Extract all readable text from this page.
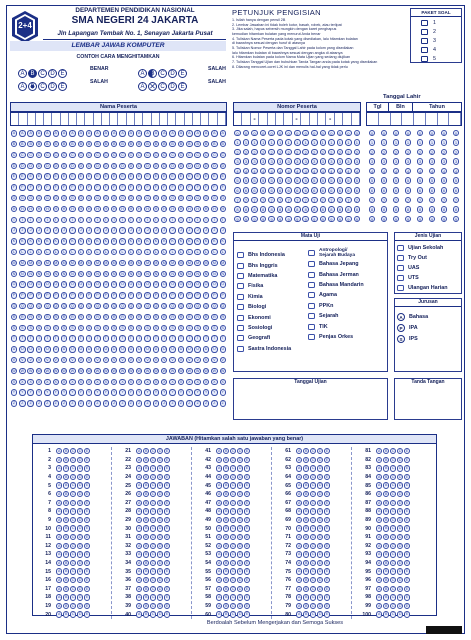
2+4
DEPARTEMEN PENDIDIKAN NASIONAL
SMA NEGERI 24 JAKARTA
Jln Lapangan Tembak No. 1, Senayan Jakarta Pusat
LEMBAR JAWAB KOMPUTER
CONTOH CARA MENGHITAMKAN
A B C D E
BENAR
A B C D E
SALAH
A B C D E
SALAH
A ✕ C D E
SALAH
PETUNJUK PENGISIAN
1. Isilah hanya dengan pensil 2B
2. Lembar Jawaban ini tidak boleh kotor, basah, robek, atau terlipat
3. Jika salah, hapus sebersih mungkin dengan karet penghapus
kemudian hitamkan bulatan yang menurut Anda benar
4. Tuliskan Nama Peserta pada kotak yang disediakan, lalu hitamkan bulatan
di bawahnya sesuai dengan huruf di atasnya
5. Tuliskan Nomor Peserta dan Tanggal Lahir pada kolom yang disediakan
lalu hitamkan bulatan di bawahnya sesuai dengan angka di atasnya
6. Hitamkan bulatan pada kolom Nama Mata Ujian yang sedang diujikan
7. Tuliskan Tanggal Ujian dan bubuhkan Tanda Tangan anda pada kotak yang disediakan
8. Dilarang mencoret-coret LJK ini dan menulis hal-hal yang tidak perlu
PAKET SOAL
1
2
3
4
5
Tanggal Lahir
Nama Peserta
A
B
C
D
E
F
G
H
I
J
K
L
M
N
O
P
Q
R
S
T
U
V
W
X
Y
Z
A
B
C
D
E
F
G
H
I
J
K
L
M
N
O
P
Q
R
S
T
U
V
W
X
Y
Z
A
B
C
D
E
F
G
H
I
J
K
L
M
N
O
P
Q
R
S
T
U
V
W
X
Y
Z
A
B
C
D
E
F
G
H
I
J
K
L
M
N
O
P
Q
R
S
T
U
V
W
X
Y
Z
A
B
C
D
E
F
G
H
I
J
K
L
M
N
O
P
Q
R
S
T
U
V
W
X
Y
Z
A
B
C
D
E
F
G
H
I
J
K
L
M
N
O
P
Q
R
S
T
U
V
W
X
Y
Z
A
B
C
D
E
F
G
H
I
J
K
L
M
N
O
P
Q
R
S
T
U
V
W
X
Y
Z
A
B
C
D
E
F
G
H
I
J
K
L
M
N
O
P
Q
R
S
T
U
V
W
X
Y
Z
A
B
C
D
E
F
G
H
I
J
K
L
M
N
O
P
Q
R
S
T
U
V
W
X
Y
Z
A
B
C
D
E
F
G
H
I
J
K
L
M
N
O
P
Q
R
S
T
U
V
W
X
Y
Z
A
B
C
D
E
F
G
H
I
J
K
L
M
N
O
P
Q
R
S
T
U
V
W
X
Y
Z
A
B
C
D
E
F
G
H
I
J
K
L
M
N
O
P
Q
R
S
T
U
V
W
X
Y
Z
A
B
C
D
E
F
G
H
I
J
K
L
M
N
O
P
Q
R
S
T
U
V
W
X
Y
Z
A
B
C
D
E
F
G
H
I
J
K
L
M
N
O
P
Q
R
S
T
U
V
W
X
Y
Z
A
B
C
D
E
F
G
H
I
J
K
L
M
N
O
P
Q
R
S
T
U
V
W
X
Y
Z
A
B
C
D
E
F
G
H
I
J
K
L
M
N
O
P
Q
R
S
T
U
V
W
X
Y
Z
A
B
C
D
E
F
G
H
I
J
K
L
M
N
O
P
Q
R
S
T
U
V
W
X
Y
Z
A
B
C
D
E
F
G
H
I
J
K
L
M
N
O
P
Q
R
S
T
U
V
W
X
Y
Z
A
B
C
D
E
F
G
H
I
J
K
L
M
N
O
P
Q
R
S
T
U
V
W
X
Y
Z
A
B
C
D
E
F
G
H
I
J
K
L
M
N
O
P
Q
R
S
T
U
V
W
X
Y
Z
A
B
C
D
E
F
G
H
I
J
K
L
M
N
O
P
Q
R
S
T
U
V
W
X
Y
Z
A
B
C
D
E
F
G
H
I
J
K
L
M
N
O
P
Q
R
S
T
U
V
W
X
Y
Z
A
B
C
D
E
F
G
H
I
J
K
L
M
N
O
P
Q
R
S
T
U
V
W
X
Y
Z
A
B
C
D
E
F
G
H
I
J
K
L
M
N
O
P
Q
R
S
T
U
V
W
X
Y
Z
A
B
C
D
E
F
G
H
I
J
K
L
M
N
O
P
Q
R
S
T
U
V
W
X
Y
Z
A
B
C
D
E
F
G
H
I
J
K
L
M
N
O
P
Q
R
S
T
U
V
W
X
Y
Z
Nomor Peserta
-	-	-
0
1
2
3
4
5
6
7
8
9
0
1
2
3
4
5
6
7
8
9
0
1
2
3
4
5
6
7
8
9
0
1
2
3
4
5
6
7
8
9
0
1
2
3
4
5
6
7
8
9
0
1
2
3
4
5
6
7
8
9
0
1
2
3
4
5
6
7
8
9
0
1
2
3
4
5
6
7
8
9
0
1
2
3
4
5
6
7
8
9
0
1
2
3
4
5
6
7
8
9
0
1
2
3
4
5
6
7
8
9
0
1
2
3
4
5
6
7
8
9
0
1
2
3
4
5
6
7
8
9
0
1
2
3
4
5
6
7
8
9
0
1
2
3
4
5
6
7
8
9
Tgl	Bln	Tahun
0
1
2
3
4
5
6
7
8
9
0
1
2
3
4
5
6
7
8
9
0
1
2
3
4
5
6
7
8
9
0
1
2
3
4
5
6
7
8
9
0
1
2
3
4
5
6
7
8
9
0
1
2
3
4
5
6
7
8
9
0
1
2
3
4
5
6
7
8
9
0
1
2
3
4
5
6
7
8
9
Mata Uji
Bhs Indonesia
Bhs Inggris
Matematika
Fisika
Kimia
Biologi
Ekonomi
Sosiologi
Geografi
Sastra Indonesia
Antropologi/ Sejarah Budaya
Bahasa Jepang
Bahasa Jerman
Bahasa Mandarin
Agama
PPKn
Sejarah
TIK
Penjas Orkes
Jenis Ujian
Ujian Sekolah
Try Out
UAS
UTS
Ulangan Harian
Jurusan
A	Bahasa
P	IPA
S	IPS
Tanggal Ujian	Tanda Tangan
JAWABAN (Hitamkan salah satu jawaban yang benar)
1	A	B	C	D	E
2	A	B	C	D	E
3	A	B	C	D	E
4	A	B	C	D	E
5	A	B	C	D	E
6	A	B	C	D	E
7	A	B	C	D	E
8	A	B	C	D	E
9	A	B	C	D	E
10	A	B	C	D	E
11	A	B	C	D	E
12	A	B	C	D	E
13	A	B	C	D	E
14	A	B	C	D	E
15	A	B	C	D	E
16	A	B	C	D	E
17	A	B	C	D	E
18	A	B	C	D	E
19	A	B	C	D	E
20	A	B	C	D	E
21	A	B	C	D	E
22	A	B	C	D	E
23	A	B	C	D	E
24	A	B	C	D	E
25	A	B	C	D	E
26	A	B	C	D	E
27	A	B	C	D	E
28	A	B	C	D	E
29	A	B	C	D	E
30	A	B	C	D	E
31	A	B	C	D	E
32	A	B	C	D	E
33	A	B	C	D	E
34	A	B	C	D	E
35	A	B	C	D	E
36	A	B	C	D	E
37	A	B	C	D	E
38	A	B	C	D	E
39	A	B	C	D	E
40	A	B	C	D	E
41	A	B	C	D	E
42	A	B	C	D	E
43	A	B	C	D	E
44	A	B	C	D	E
45	A	B	C	D	E
46	A	B	C	D	E
47	A	B	C	D	E
48	A	B	C	D	E
49	A	B	C	D	E
50	A	B	C	D	E
51	A	B	C	D	E
52	A	B	C	D	E
53	A	B	C	D	E
54	A	B	C	D	E
55	A	B	C	D	E
56	A	B	C	D	E
57	A	B	C	D	E
58	A	B	C	D	E
59	A	B	C	D	E
60	A	B	C	D	E
61	A	B	C	D	E
62	A	B	C	D	E
63	A	B	C	D	E
64	A	B	C	D	E
65	A	B	C	D	E
66	A	B	C	D	E
67	A	B	C	D	E
68	A	B	C	D	E
69	A	B	C	D	E
70	A	B	C	D	E
71	A	B	C	D	E
72	A	B	C	D	E
73	A	B	C	D	E
74	A	B	C	D	E
75	A	B	C	D	E
76	A	B	C	D	E
77	A	B	C	D	E
78	A	B	C	D	E
79	A	B	C	D	E
80	A	B	C	D	E
81	A	B	C	D	E
82	A	B	C	D	E
83	A	B	C	D	E
84	A	B	C	D	E
85	A	B	C	D	E
86	A	B	C	D	E
87	A	B	C	D	E
88	A	B	C	D	E
89	A	B	C	D	E
90	A	B	C	D	E
91	A	B	C	D	E
92	A	B	C	D	E
93	A	B	C	D	E
94	A	B	C	D	E
95	A	B	C	D	E
96	A	B	C	D	E
97	A	B	C	D	E
98	A	B	C	D	E
99	A	B	C	D	E
100	A	B	C	D	E
Berdoalah Sebelum Mengerjakan dan Semoga Sukses
